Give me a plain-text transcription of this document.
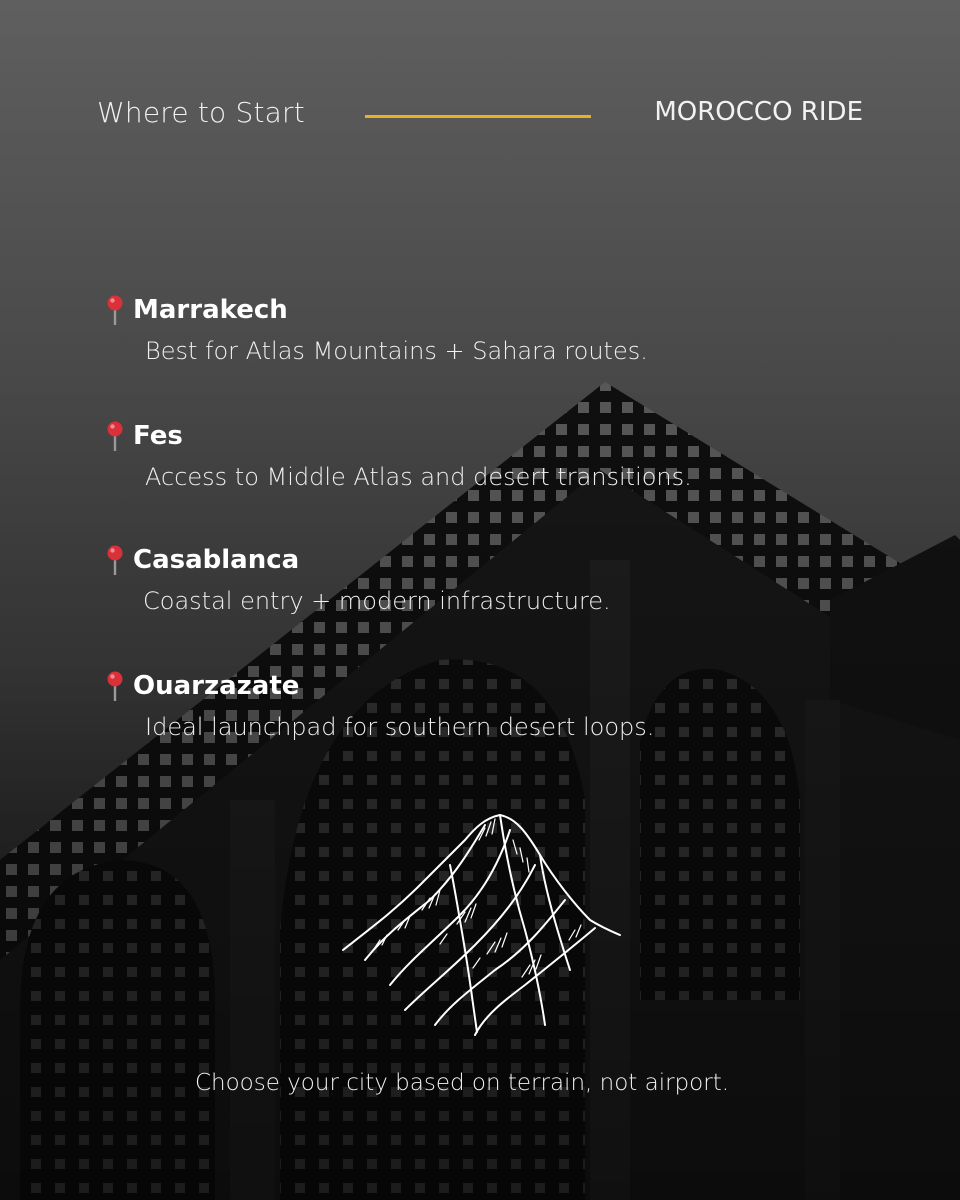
Where to Start	MOROCCO RIDE
Marrakech
Best for Atlas Mountains + Sahara routes.
Fes
Access to Middle Atlas and desert transitions.
Casablanca
Coastal entry + modern infrastructure.
Ouarzazate
Ideal launchpad for southern desert loops.
Choose your city based on terrain, not airport.
